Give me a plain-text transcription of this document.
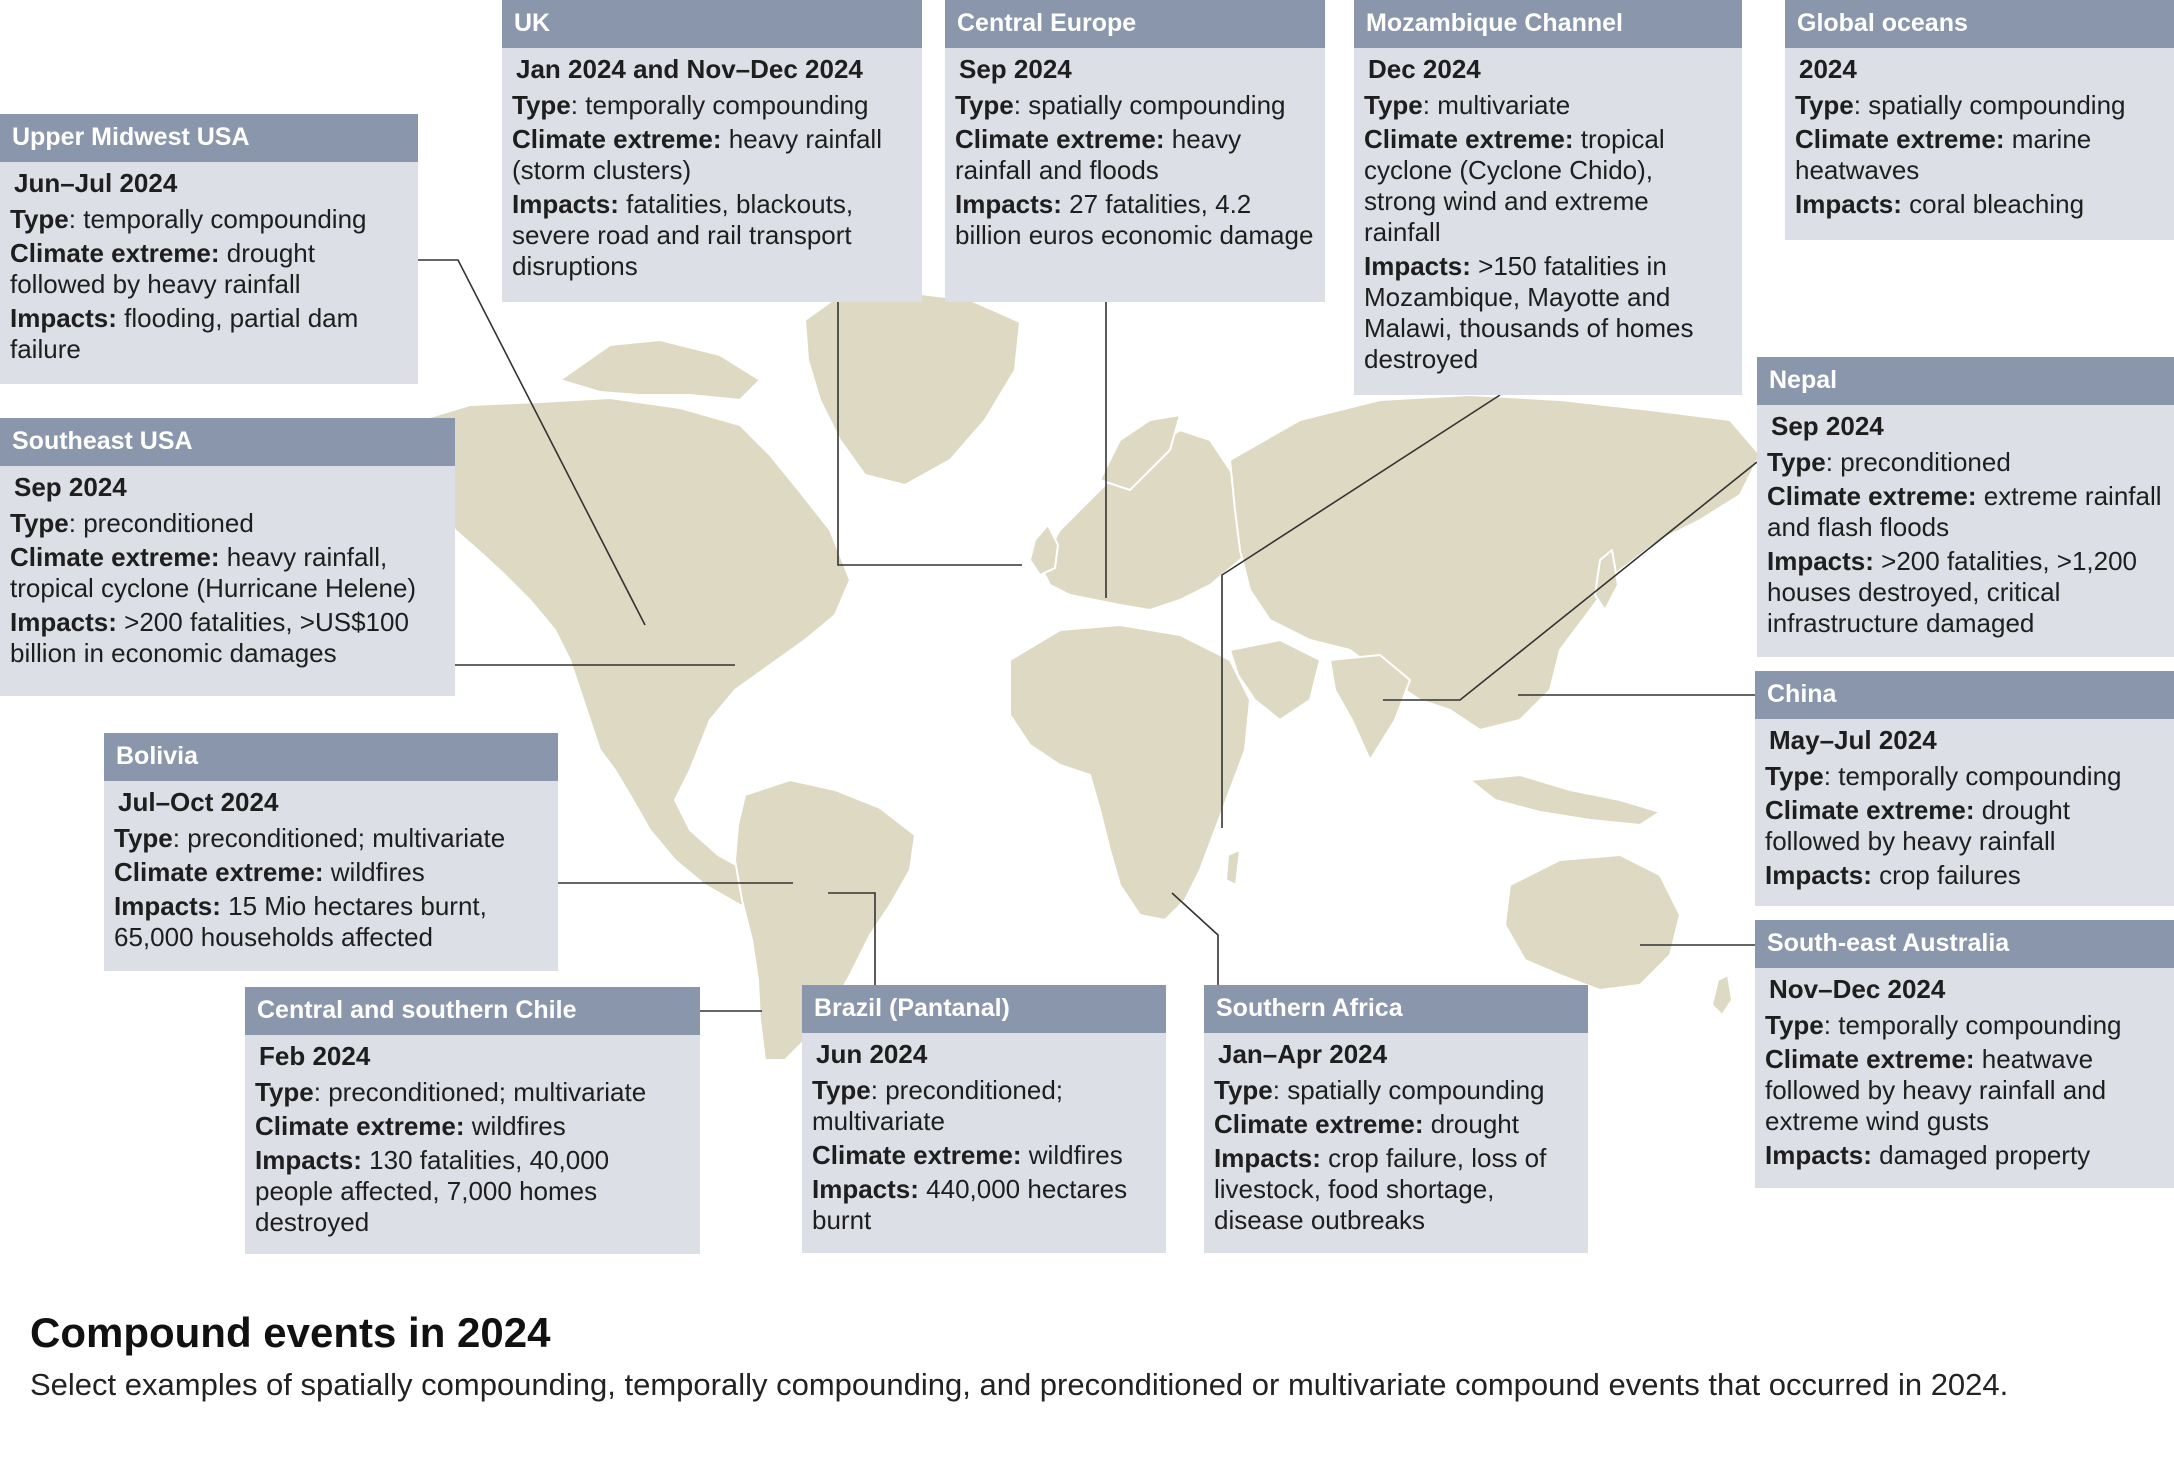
UK
Jan 2024 and Nov–Dec 2024
Type: temporally compounding
Climate extreme: heavy rainfall (storm clusters)
Impacts: fatalities, blackouts, severe road and rail transport disruptions
Central Europe
Sep 2024
Type: spatially compounding
Climate extreme: heavy rainfall and floods
Impacts: 27 fatalities, 4.2 billion euros economic damage
Mozambique Channel
Dec 2024
Type: multivariate
Climate extreme: tropical cyclone (Cyclone Chido), strong wind and extreme rainfall
Impacts: >150 fatalities in Mozambique, Mayotte and Malawi, thousands of homes destroyed
Global oceans
2024
Type: spatially compounding
Climate extreme: marine heatwaves
Impacts: coral bleaching
Upper Midwest USA
Jun–Jul 2024
Type: temporally compounding
Climate extreme: drought followed by heavy rainfall
Impacts: flooding, partial dam failure
Southeast USA
Sep 2024
Type: preconditioned
Climate extreme: heavy rainfall, tropical cyclone (Hurricane Helene)
Impacts: >200 fatalities, >US$100 billion in economic damages
Nepal
Sep 2024
Type: preconditioned
Climate extreme: extreme rainfall and flash floods
Impacts: >200 fatalities, >1,200 houses destroyed, critical infrastructure damaged
China
May–Jul 2024
Type: temporally compounding
Climate extreme: drought followed by heavy rainfall
Impacts: crop failures
Bolivia
Jul–Oct 2024
Type: preconditioned; multivariate
Climate extreme: wildfires
Impacts: 15 Mio hectares burnt, 65,000 households affected
Central and southern Chile
Feb 2024
Type: preconditioned; multivariate
Climate extreme: wildfires
Impacts: 130 fatalities, 40,000 people affected, 7,000 homes destroyed
Brazil (Pantanal)
Jun 2024
Type: preconditioned; multivariate
Climate extreme: wildfires
Impacts: 440,000 hectares burnt
Southern Africa
Jan–Apr 2024
Type: spatially compounding
Climate extreme: drought
Impacts: crop failure, loss of livestock, food shortage, disease outbreaks
South-east Australia
Nov–Dec 2024
Type: temporally compounding
Climate extreme: heatwave followed by heavy rainfall and extreme wind gusts
Impacts: damaged property
Compound events in 2024
Select examples of spatially compounding, temporally compounding, and preconditioned or multivariate compound events that occurred in 2024.
